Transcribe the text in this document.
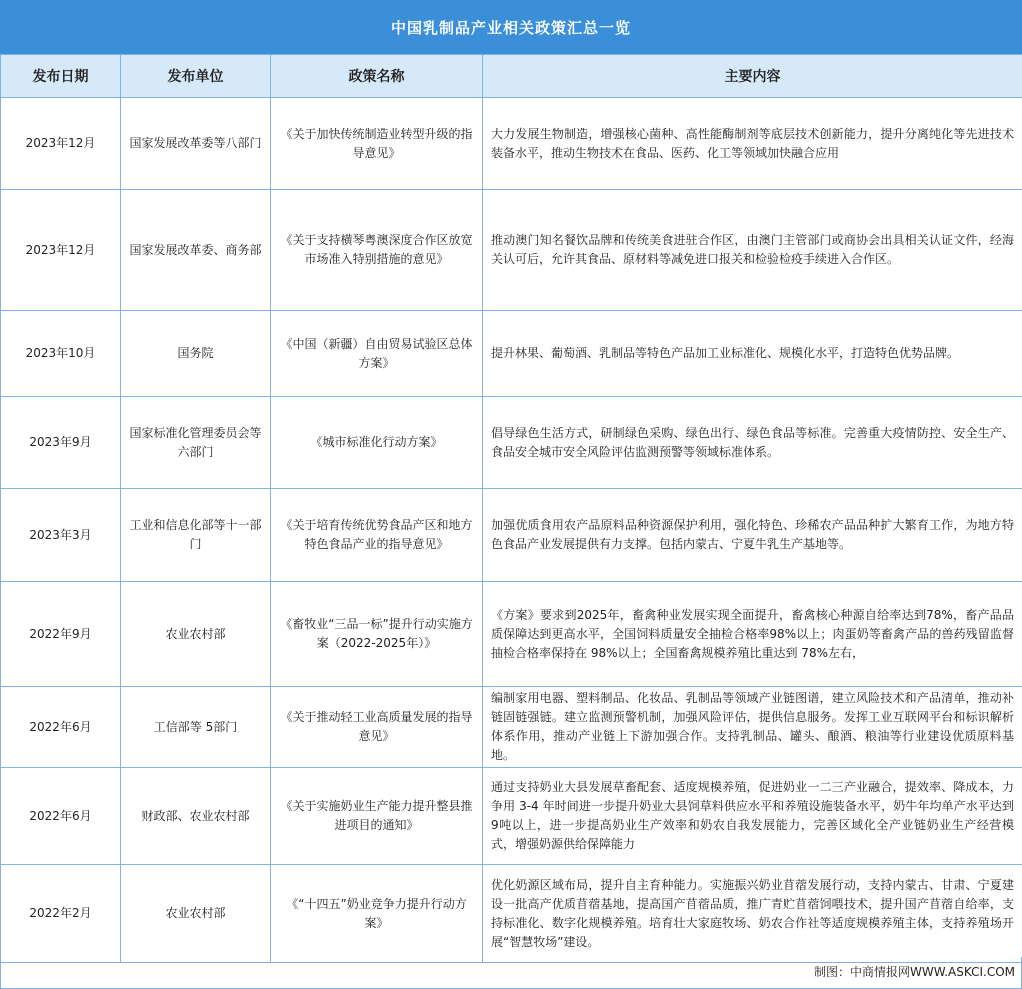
中国乳制品产业相关政策汇总一览
发布日期	发布单位	政策名称	主要内容
2023年12月	国家发展改革委等八部门	《关于加快传统制造业转型升级的指导意见》	大力发展生物制造，增强核心菌种、高性能酶制剂等底层技术创新能力，提升分离纯化等先进技术装备水平，推动生物技术在食品、医药、化工等领域加快融合应用
2023年12月	国家发展改革委、商务部	《关于支持横琴粤澳深度合作区放宽市场准入特别措施的意见》	推动澳门知名餐饮品牌和传统美食进驻合作区，由澳门主管部门或商协会出具相关认证文件，经海关认可后，允许其食品、原材料等减免进口报关和检验检疫手续进入合作区。
2023年10月	国务院	《中国（新疆）自由贸易试验区总体方案》	提升林果、葡萄酒、乳制品等特色产品加工业标准化、规模化水平，打造特色优势品牌。
2023年9月	国家标准化管理委员会等六部门	《城市标准化行动方案》	倡导绿色生活方式，研制绿色采购、绿色出行、绿色食品等标准。完善重大疫情防控、安全生产、食品安全城市安全风险评估监测预警等领域标准体系。
2023年3月	工业和信息化部等十一部门	《关于培育传统优势食品产区和地方特色食品产业的指导意见》	加强优质食用农产品原料品种资源保护利用，强化特色、珍稀农产品品种扩大繁育工作，为地方特色食品产业发展提供有力支撑。包括内蒙古、宁夏牛乳生产基地等。
2022年9月	农业农村部	《畜牧业“三品一标”提升行动实施方案（2022-2025年）》	《方案》要求到2025年，畜禽种业发展实现全面提升，畜禽核心种源自给率达到78%，畜产品品质保障达到更高水平，全国饲料质量安全抽检合格率98%以上；肉蛋奶等畜禽产品的兽药残留监督抽检合格率保持在 98%以上；全国畜禽规模养殖比重达到 78%左右，
2022年6月	工信部等 5部门	《关于推动轻工业高质量发展的指导意见》	编制家用电器、塑料制品、化妆品、乳制品等领域产业链图谱，建立风险技术和产品清单，推动补链固链强链。建立监测预警机制，加强风险评估，提供信息服务。发挥工业互联网平台和标识解析体系作用，推动产业链上下游加强合作。支持乳制品、罐头、酿酒、粮油等行业建设优质原料基地。
2022年6月	财政部、农业农村部	《关于实施奶业生产能力提升整县推进项目的通知》	通过支持奶业大县发展草畜配套、适度规模养殖，促进奶业一二三产业融合，提效率、降成本，力争用 3-4 年时间进一步提升奶业大县饲草料供应水平和养殖设施装备水平，奶牛年均单产水平达到 9吨以上，进一步提高奶业生产效率和奶农自我发展能力，完善区域化全产业链奶业生产经营模式，增强奶源供给保障能力
2022年2月	农业农村部	《“十四五”奶业竞争力提升行动方案》	优化奶源区域布局，提升自主育种能力。实施振兴奶业苜蓿发展行动，支持内蒙古、甘肃、宁夏建设一批高产优质苜蓿基地，提高国产苜蓿品质，推广青贮苜蓿饲喂技术，提升国产苜蓿自给率，支持标准化、数字化规模养殖。培育壮大家庭牧场、奶农合作社等适度规模养殖主体，支持养殖场开展“智慧牧场”建设。
制图：中商情报网WWW.ASKCI.COM
